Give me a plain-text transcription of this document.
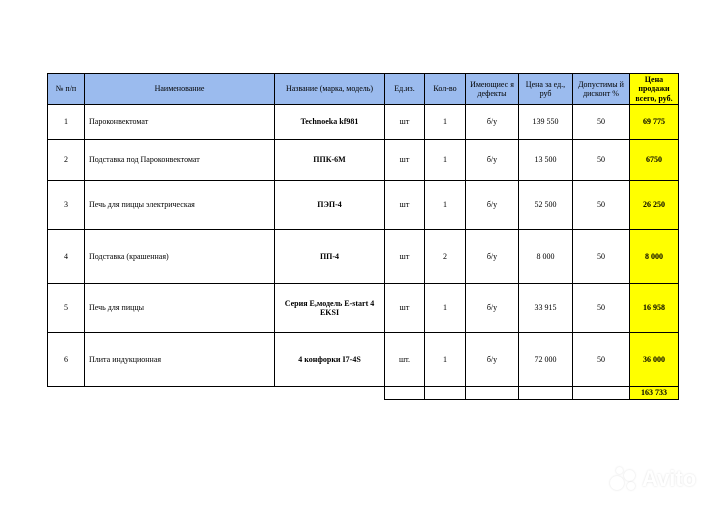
№ п/п	Наименование	Название (марка, модель)	Ед.из.	Кол-во	Имеющиес я дефекты	Цена за ед., руб	Допустимы й дисконт %	Цена продажи всего, руб.
1	Пароконвектомат	Technoeka kf981	шт	1	б/у	139 550	50	69 775
2	Подставка под Пароконвектомат	ППК-6М	шт	1	б/у	13 500	50	6750
3	Печь для пиццы электрическая	ПЭП-4	шт	1	б/у	52 500	50	26 250
4	Подставка (крашенная)	ПП-4	шт	2	б/у	8 000	50	8 000
5	Печь для пиццы	Серия E,модель E-start 4 EKSI	шт	1	б/у	33 915	50	16 958
6	Плита индукционная	4 конфорки I7-4S	шт.	1	б/у	72 000	50	36 000
								163 733
Avito
